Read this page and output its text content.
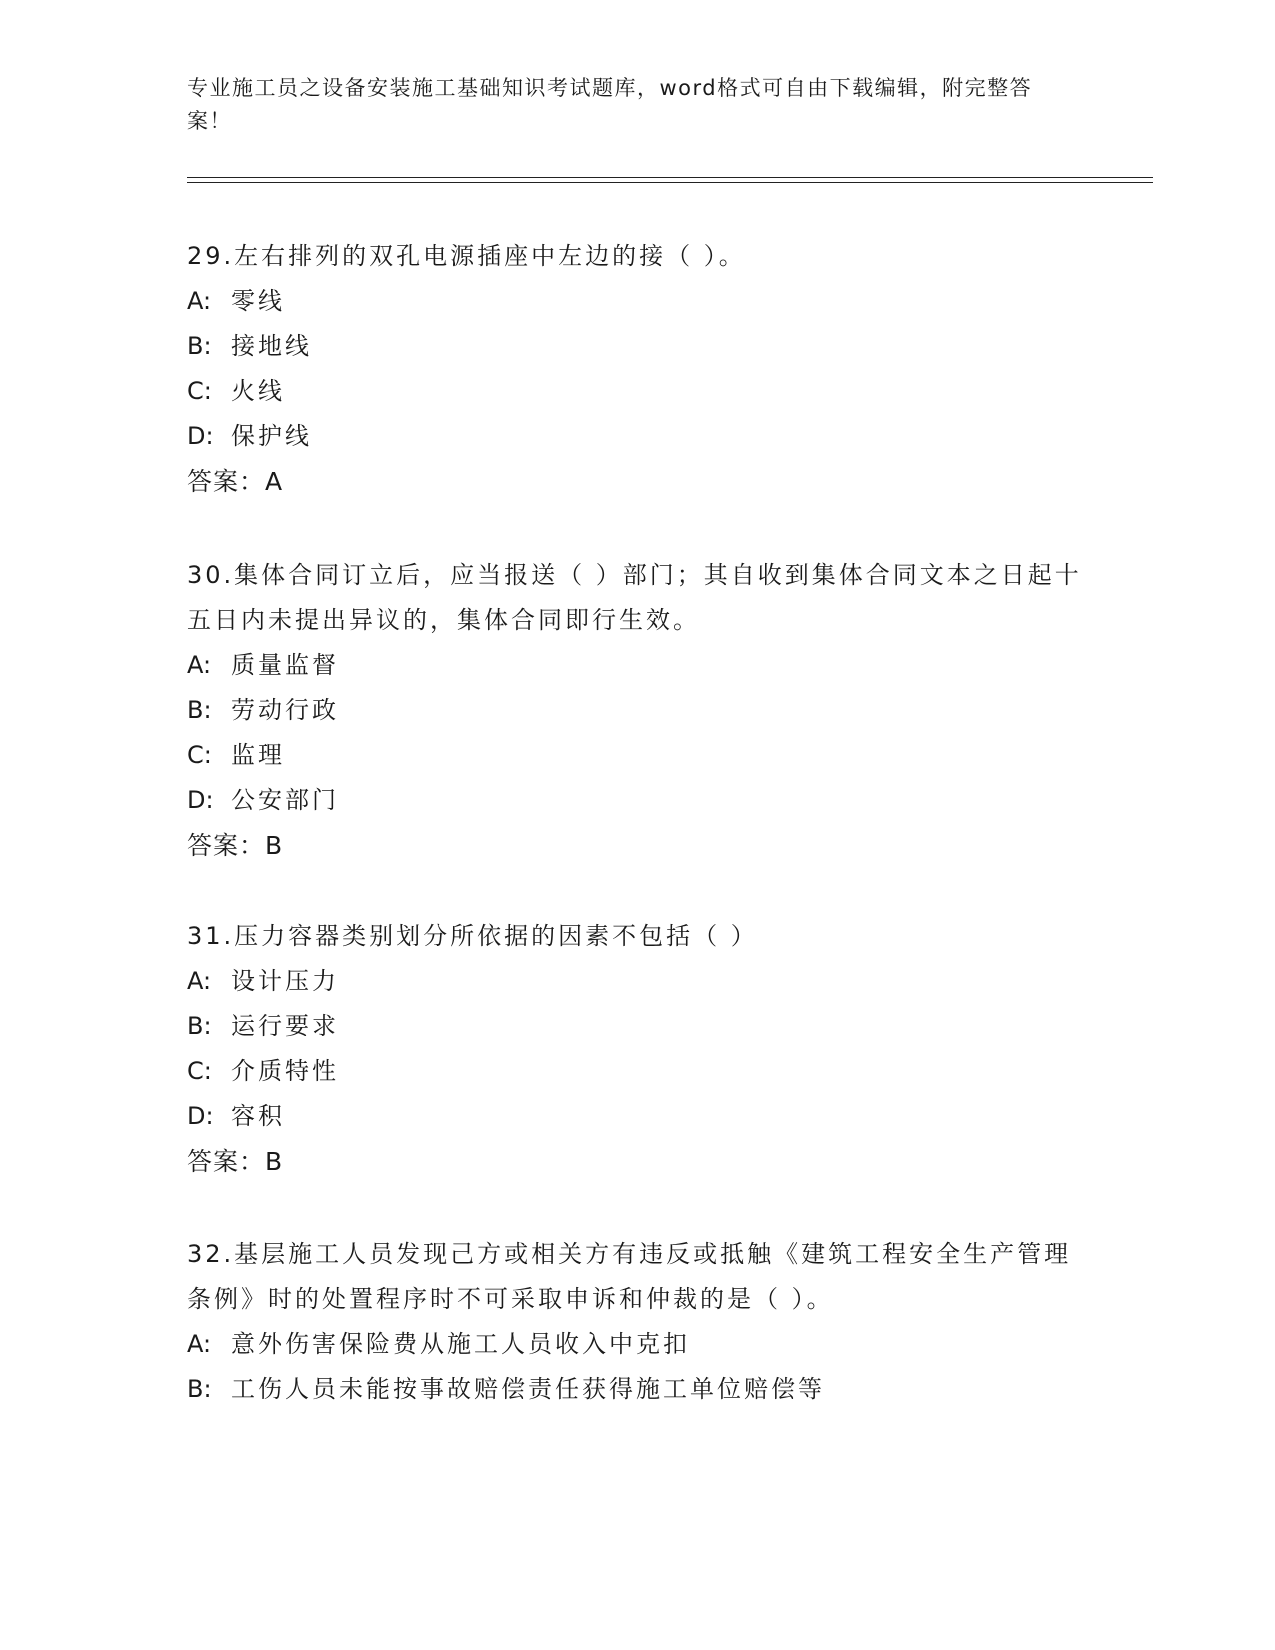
专业施工员之设备安装施工基础知识考试题库，word格式可自由下载编辑，附完整答案！

29.左右排列的双孔电源插座中左边的接（ ）。

A: 零线

B: 接地线

C: 火线

D: 保护线

答案：A

30.集体合同订立后，应当报送（ ）部门；其自收到集体合同文本之日起十五日内未提出异议的，集体合同即行生效。

A: 质量监督

B: 劳动行政

C: 监理

D: 公安部门

答案：B

31.压力容器类别划分所依据的因素不包括（ ）

A: 设计压力

B: 运行要求

C: 介质特性

D: 容积

答案：B

32.基层施工人员发现己方或相关方有违反或抵触《建筑工程安全生产管理条例》时的处置程序时不可采取申诉和仲裁的是（ ）。

A: 意外伤害保险费从施工人员收入中克扣

B: 工伤人员未能按事故赔偿责任获得施工单位赔偿等
